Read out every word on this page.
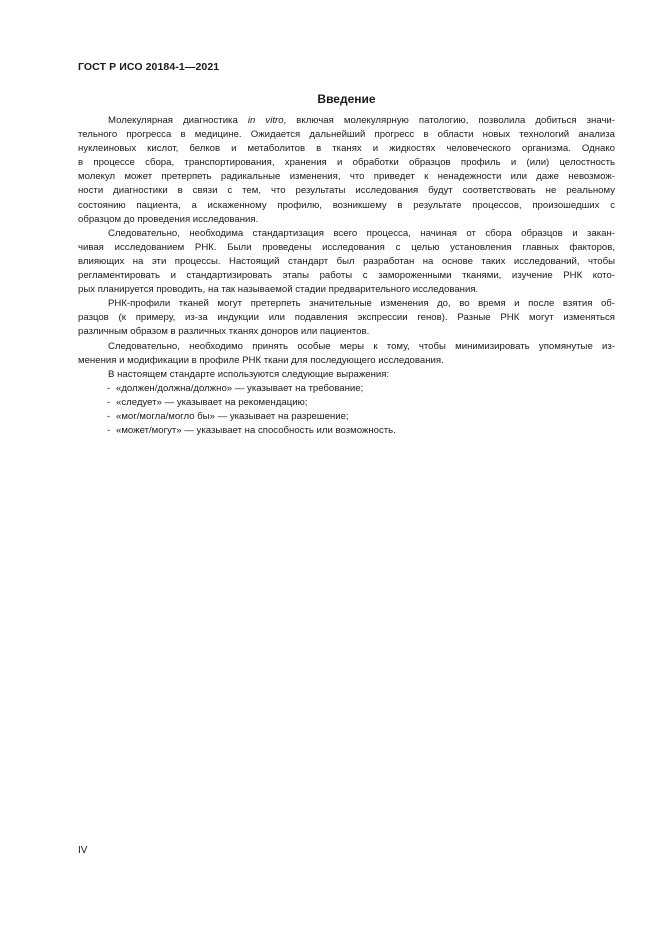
ГОСТ Р ИСО 20184-1—2021
Введение
Молекулярная диагностика in vitro, включая молекулярную патологию, позволила добиться значи-
тельного прогресса в медицине. Ожидается дальнейший прогресс в области новых технологий анализа
нуклеиновых кислот, белков и метаболитов в тканях и жидкостях человеческого организма. Однако
в процессе сбора, транспортирования, хранения и обработки образцов профиль и (или) целостность
молекул может претерпеть радикальные изменения, что приведет к ненадежности или даже невозмож-
ности диагностики в связи с тем, что результаты исследования будут соответствовать не реальному
состоянию пациента, а искаженному профилю, возникшему в результате процессов, произошедших с
образцом до проведения исследования.
Следовательно, необходима стандартизация всего процесса, начиная от сбора образцов и закан-
чивая исследованием РНК. Были проведены исследования с целью установления главных факторов,
влияющих на эти процессы. Настоящий стандарт был разработан на основе таких исследований, чтобы
регламентировать и стандартизировать этапы работы с замороженными тканями, изучение РНК кото-
рых планируется проводить, на так называемой стадии предварительного исследования.
РНК-профили тканей могут претерпеть значительные изменения до, во время и после взятия об-
разцов (к примеру, из-за индукции или подавления экспрессии генов). Разные РНК могут изменяться
различным образом в различных тканях доноров или пациентов.
Следовательно, необходимо принять особые меры к тому, чтобы минимизировать упомянутые из-
менения и модификации в профиле РНК ткани для последующего исследования.
В настоящем стандарте используются следующие выражения:
- «должен/должна/должно» — указывает на требование;
- «следует» — указывает на рекомендацию;
- «мог/могла/могло бы» — указывает на разрешение;
- «может/могут» — указывает на способность или возможность.
IV
